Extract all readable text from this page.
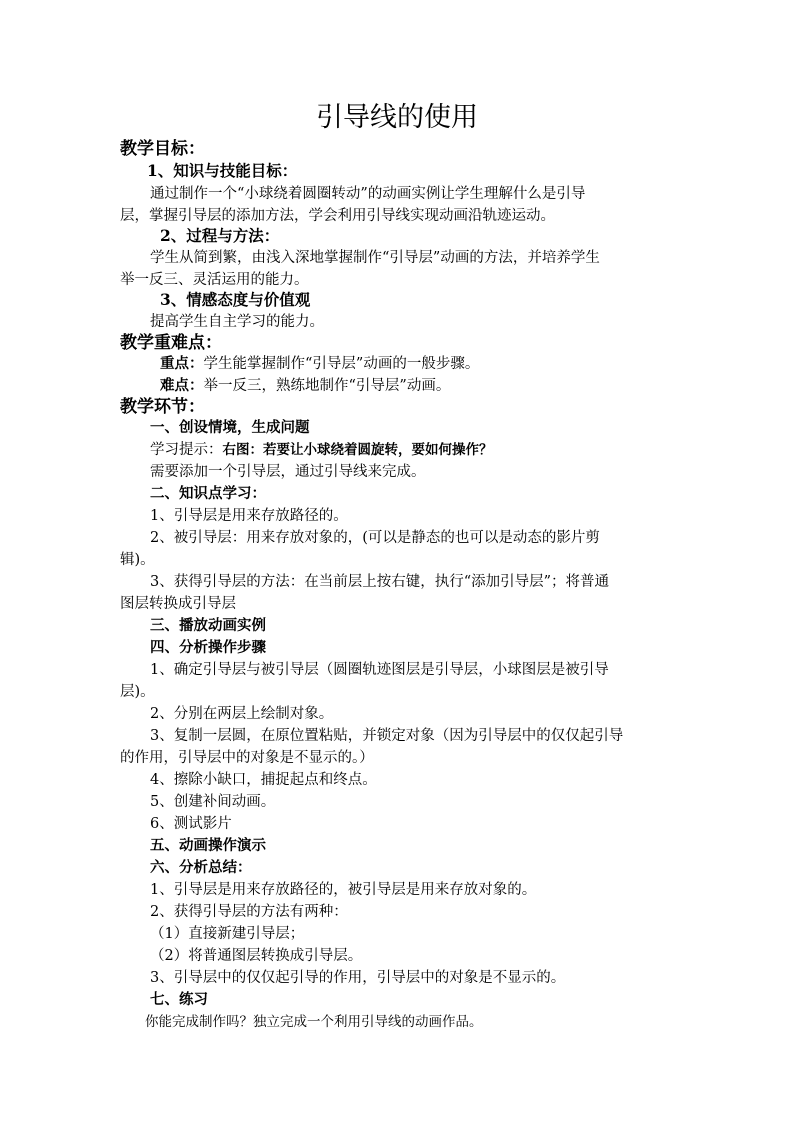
引导线的使用
教学目标：
1、知识与技能目标：
通过制作一个“小球绕着圆圈转动”的动画实例让学生理解什么是引导
层，掌握引导层的添加方法，学会利用引导线实现动画沿轨迹运动。
2、过程与方法：
学生从简到繁，由浅入深地掌握制作“引导层”动画的方法，并培养学生
举一反三、灵活运用的能力。
3、情感态度与价值观
提高学生自主学习的能力。
教学重难点：
重点：学生能掌握制作“引导层”动画的一般步骤。
难点：举一反三，熟练地制作“引导层”动画。
教学环节：
一、创设情境，生成问题
学习提示：右图：若要让小球绕着圆旋转，要如何操作？
需要添加一个引导层，通过引导线来完成。
二、知识点学习：
1、引导层是用来存放路径的。
2、被引导层：用来存放对象的，(可以是静态的也可以是动态的影片剪
辑)。
3、获得引导层的方法：在当前层上按右键，执行“添加引导层”；将普通
图层转换成引导层
三、播放动画实例
四、分析操作步骤
1、确定引导层与被引导层（圆圈轨迹图层是引导层，小球图层是被引导
层)。
2、分别在两层上绘制对象。
3、复制一层圆，在原位置粘贴，并锁定对象（因为引导层中的仅仅起引导
的作用，引导层中的对象是不显示的。）
4、擦除小缺口，捕捉起点和终点。
5、创建补间动画。
6、测试影片
五、动画操作演示
六、分析总结：
1、引导层是用来存放路径的，被引导层是用来存放对象的。
2、获得引导层的方法有两种：
（1）直接新建引导层；
（2）将普通图层转换成引导层。
3、引导层中的仅仅起引导的作用，引导层中的对象是不显示的。
七、练习
你能完成制作吗？独立完成一个利用引导线的动画作品。
